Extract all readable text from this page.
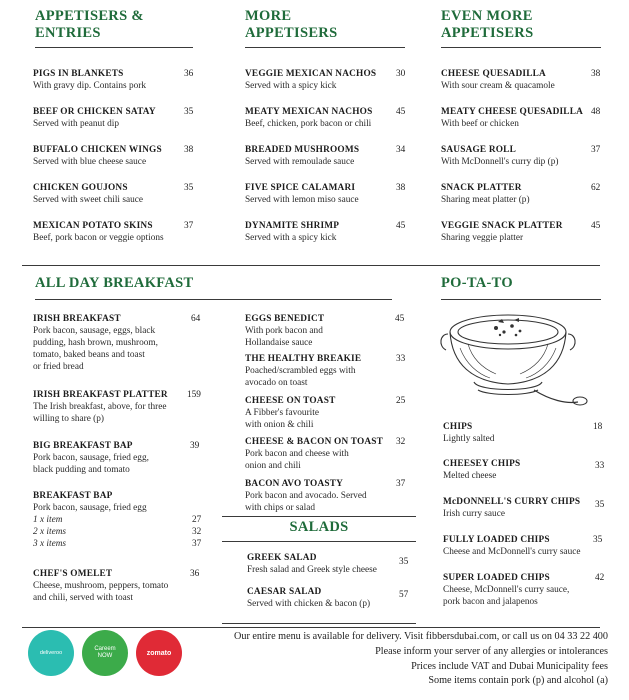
APPETISERS & ENTRIES
MORE APPETISERS
EVEN MORE APPETISERS
PIGS IN BLANKETS
With gravy dip. Contains pork
36
BEEF OR CHICKEN SATAY
Served with peanut dip
35
BUFFALO CHICKEN WINGS
Served with blue cheese sauce
38
CHICKEN GOUJONS
Served with sweet chili sauce
35
MEXICAN POTATO SKINS
Beef, pork bacon or veggie options
37
VEGGIE MEXICAN NACHOS
Served with a spicy kick
30
MEATY MEXICAN NACHOS
Beef, chicken, pork bacon or chili
45
BREADED MUSHROOMS
Served with remoulade sauce
34
FIVE SPICE CALAMARI
Served with lemon miso sauce
38
DYNAMITE SHRIMP
Served with a spicy kick
45
CHEESE QUESADILLA
With sour cream & quacamole
38
MEATY CHEESE QUESADILLA
With beef or chicken
48
SAUSAGE ROLL
With McDonnell's curry dip (p)
37
SNACK PLATTER
Sharing meat platter (p)
62
VEGGIE SNACK PLATTER
Sharing veggie platter
45
ALL DAY BREAKFAST
IRISH BREAKFAST
Pork bacon, sausage, eggs, black
pudding, hash brown, mushroom,
tomato, baked beans and toast
or fried bread
64
IRISH BREAKFAST PLATTER
The Irish breakfast, above, for three
willing to share (p)
159
BIG BREAKFAST BAP
Pork bacon, sausage, fried egg,
black pudding and tomato
39
BREAKFAST BAP
Pork bacon, sausage, fried egg
1 x item	27
2 x items	32
3 x items	37
CHEF'S OMELET
Cheese, mushroom, peppers, tomato
and chili, served with toast
36
EGGS BENEDICT
With pork bacon and
Hollandaise sauce
45
THE HEALTHY BREAKIE
Poached/scrambled eggs with
avocado on toast
33
CHEESE ON TOAST
A Fibber's favourite
with onion & chili
25
CHEESE & BACON ON TOAST
Pork bacon and cheese with
onion and chili
32
BACON AVO TOASTY
Pork bacon and avocado. Served
with chips or salad
37
SALADS
GREEK SALAD
Fresh salad and Greek style cheese
35
CAESAR SALAD
Served with chicken & bacon (p)
57
PO-TA-TO
CHIPS
Lightly salted
18
CHEESEY CHIPS
Melted cheese
33
McDONNELL'S CURRY CHIPS
Irish curry sauce
35
FULLY LOADED CHIPS
Cheese and McDonnell's curry sauce
35
SUPER LOADED CHIPS
Cheese, McDonnell's curry sauce,
pork bacon and jalapenos
42
deliveroo
Careem NOW	zomato
Our entire menu is available for delivery. Visit fibbersdubai.com, or call us on 04 33 22 400
Please inform your server of any allergies or intolerances
Prices include VAT and Dubai Municipality fees
Some items contain pork (p) and alcohol (a)
